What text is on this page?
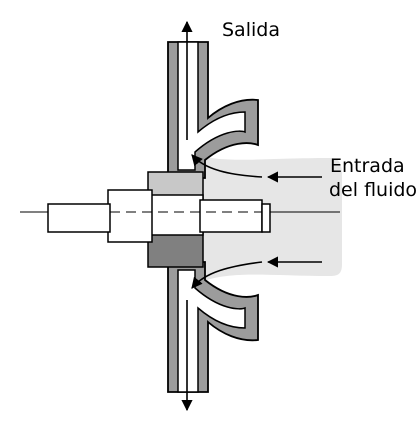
Salida
Entrada
del fluido
